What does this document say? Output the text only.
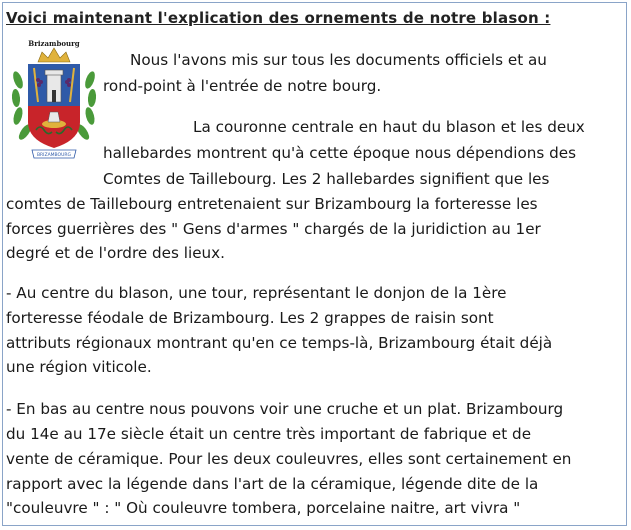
Voici maintenant l'explication des ornements de notre blason :
Brizambourg
BRIZAMBOURG
Nous l'avons mis sur tous les documents officiels et au
rond-point à l'entrée de notre bourg.
La couronne centrale en haut du blason et les deux
hallebardes montrent qu'à cette époque nous dépendions des
Comtes de Taillebourg. Les 2 hallebardes signifient que les
comtes de Taillebourg entretenaient sur Brizambourg la forteresse les
forces guerrières des " Gens d'armes " chargés de la juridiction au 1er
degré et de l'ordre des lieux.
- Au centre du blason, une tour, représentant le donjon de la 1ère
forteresse féodale de Brizambourg. Les 2 grappes de raisin sont
attributs régionaux montrant qu'en ce temps-là, Brizambourg était déjà
une région viticole.
- En bas au centre nous pouvons voir une cruche et un plat. Brizambourg
du 14e au 17e siècle était un centre très important de fabrique et de
vente de céramique. Pour les deux couleuvres, elles sont certainement en
rapport avec la légende dans l'art de la céramique, légende dite de la
"couleuvre " : " Où couleuvre tombera, porcelaine naitre, art vivra "
